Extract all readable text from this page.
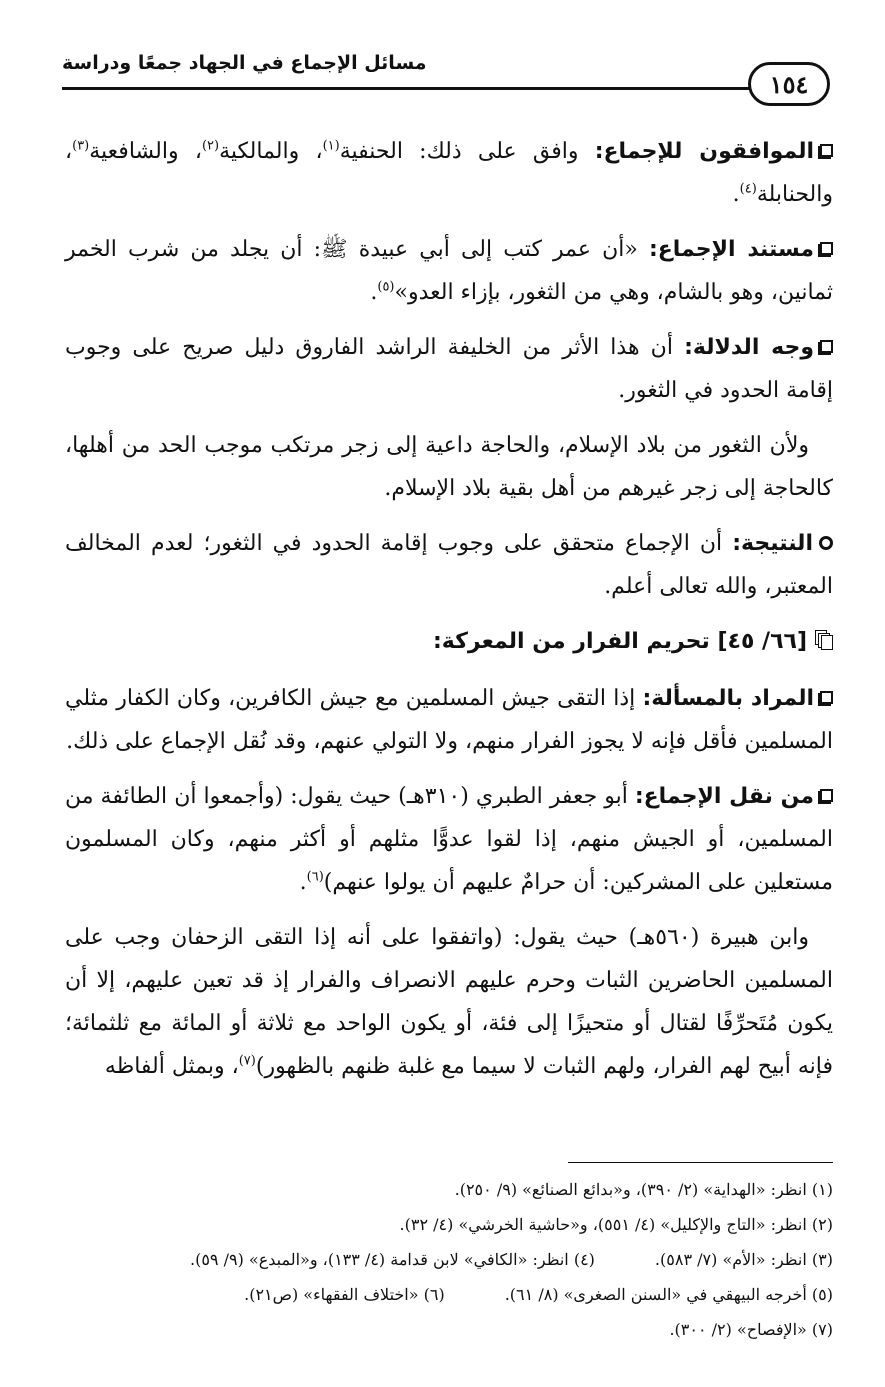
مسائل الإجماع في الجهاد جمعًا ودراسة
١٥٤

الموافقون للإجماع: وافق على ذلك: الحنفية$^{(١)}$، والمالكية$^{(٢)}$، والشافعية$^{(٣)}$، والحنابلة$^{(٤)}$.

مستند الإجماع: «أن عمر كتب إلى أبي عبيدة ﷺ: أن يجلد من شرب الخمر ثمانين، وهو بالشام، وهي من الثغور، بإزاء العدو»$^{(٥)}$.

وجه الدلالة: أن هذا الأثر من الخليفة الراشد الفاروق دليل صريح على وجوب إقامة الحدود في الثغور.

ولأن الثغور من بلاد الإسلام، والحاجة داعية إلى زجر مرتكب موجب الحد من أهلها، كالحاجة إلى زجر غيرهم من أهل بقية بلاد الإسلام.

النتيجة: أن الإجماع متحقق على وجوب إقامة الحدود في الثغور؛ لعدم المخالف المعتبر، والله تعالى أعلم.

[٦٦/ ٤٥] تحريم الفرار من المعركة:

المراد بالمسألة: إذا التقى جيش المسلمين مع جيش الكافرين، وكان الكفار مثلي المسلمين فأقل فإنه لا يجوز الفرار منهم، ولا التولي عنهم، وقد نُقل الإجماع على ذلك.

من نقل الإجماع: أبو جعفر الطبري (٣١٠هـ) حيث يقول: (وأجمعوا أن الطائفة من المسلمين، أو الجيش منهم، إذا لقوا عدوًّا مثلهم أو أكثر منهم، وكان المسلمون مستعلين على المشركين: أن حرامٌ عليهم أن يولوا عنهم)$^{(٦)}$.

وابن هبيرة (٥٦٠هـ) حيث يقول: (واتفقوا على أنه إذا التقى الزحفان وجب على المسلمين الحاضرين الثبات وحرم عليهم الانصراف والفرار إذ قد تعين عليهم، إلا أن يكون مُتَحرِّفًا لقتال أو متحيزًا إلى فئة، أو يكون الواحد مع ثلاثة أو المائة مع ثلثمائة؛ فإنه أبيح لهم الفرار، ولهم الثبات لا سيما مع غلبة ظنهم بالظهور)$^{(٧)}$، وبمثل ألفاظه

(١) انظر: «الهداية» (٢/ ٣٩٠)، و«بدائع الصنائع» (٩/ ٢٥٠).
(٢) انظر: «التاج والإكليل» (٤/ ٥٥١)، و«حاشية الخرشي» (٤/ ٣٢).
(٣) انظر: «الأم» (٧/ ٥٨٣).
(٤) انظر: «الكافي» لابن قدامة (٤/ ١٣٣)، و«المبدع» (٩/ ٥٩).
(٥) أخرجه البيهقي في «السنن الصغرى» (٨/ ٦١).
(٦) «اختلاف الفقهاء» (ص٢١).
(٧) «الإفصاح» (٢/ ٣٠٠).
